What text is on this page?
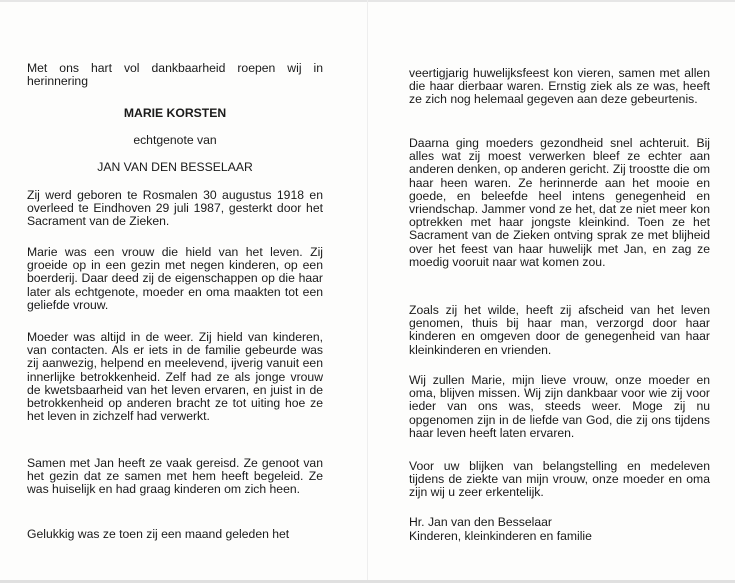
Met ons hart vol dankbaarheid roepen wij in herinnering
MARIE KORSTEN
echtgenote van
JAN VAN DEN BESSELAAR
Zij werd geboren te Rosmalen 30 augustus 1918 en overleed te Eindhoven 29 juli 1987, gesterkt door het Sacrament van de Zieken.
Marie was een vrouw die hield van het leven. Zij groeide op in een gezin met negen kinderen, op een boerderij. Daar deed zij de eigenschappen op die haar later als echtgenote, moeder en oma maakten tot een geliefde vrouw.
Moeder was altijd in de weer. Zij hield van kinderen, van contacten. Als er iets in de familie gebeurde was zij aanwezig, helpend en meelevend, ijverig vanuit een innerlijke betrokkenheid. Zelf had ze als jonge vrouw de kwetsbaarheid van het leven ervaren, en juist in de betrokkenheid op anderen bracht ze tot uiting hoe ze het leven in zichzelf had verwerkt.
Samen met Jan heeft ze vaak gereisd. Ze genoot van het gezin dat ze samen met hem heeft begeleid. Ze was huiselijk en had graag kinderen om zich heen.
Gelukkig was ze toen zij een maand geleden het
veertigjarig huwelijksfeest kon vieren, samen met allen die haar dierbaar waren. Ernstig ziek als ze was, heeft ze zich nog helemaal gegeven aan deze gebeurtenis.
Daarna ging moeders gezondheid snel achteruit. Bij alles wat zij moest verwerken bleef ze echter aan anderen denken, op anderen gericht. Zij troostte die om haar heen waren. Ze herinnerde aan het mooie en goede, en beleefde heel intens genegenheid en vriendschap. Jammer vond ze het, dat ze niet meer kon optrekken met haar jongste kleinkind. Toen ze het Sacrament van de Zieken ontving sprak ze met blijheid over het feest van haar huwelijk met Jan, en zag ze moedig vooruit naar wat komen zou.
Zoals zij het wilde, heeft zij afscheid van het leven genomen, thuis bij haar man, verzorgd door haar kinderen en omgeven door de genegenheid van haar kleinkinderen en vrienden.
Wij zullen Marie, mijn lieve vrouw, onze moeder en oma, blijven missen. Wij zijn dankbaar voor wie zij voor ieder van ons was, steeds weer. Moge zij nu opgenomen zijn in de liefde van God, die zij ons tijdens haar leven heeft laten ervaren.
Voor uw blijken van belangstelling en medeleven tijdens de ziekte van mijn vrouw, onze moeder en oma zijn wij u zeer erkentelijk.
Hr. Jan van den Besselaar
Kinderen, kleinkinderen en familie
